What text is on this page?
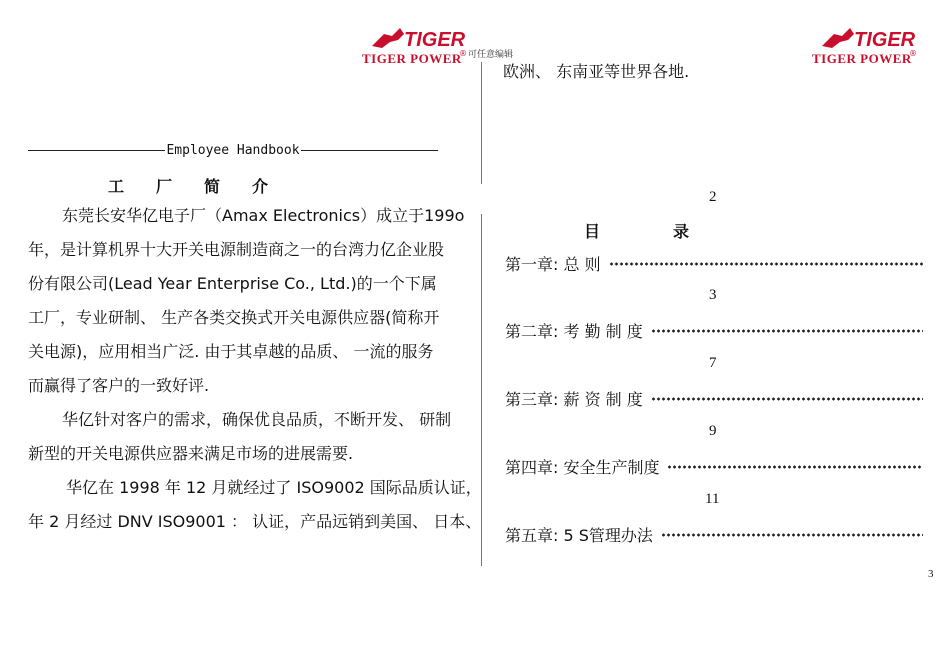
TIGER
TIGER POWER
® 可任意编辑
TIGER
TIGER POWER
®
Employee Handbook
工厂简介
东莞长安华亿电子厂（Amax Electronics）成立于199o
年，是计算机界十大开关电源制造商之一的台湾力亿企业股
份有限公司(Lead Year Enterprise Co., Ltd.)的一个下属
工厂，专业研制、 生产各类交换式开关电源供应器(简称开
关电源)，应用相当广泛. 由于其卓越的品质、 一流的服务
而赢得了客户的一致好评.
华亿针对客户的需求，确保优良品质，不断开发、 研制
新型的开关电源供应器来满足市场的进展需要.
华亿在 1998 年 12 月就经过了 ISO9002 国际品质认证，
年 2 月经过 DNV ISO9001 ： 认证，产品远销到美国、 日本、
欧洲、 东南亚等世界各地.
目	录
2
第一章: 总 则
3
第二章: 考 勤 制 度
7
第三章: 薪 资 制 度
9
第四章: 安全生产制度
11
第五章: 5 S管理办法
3
